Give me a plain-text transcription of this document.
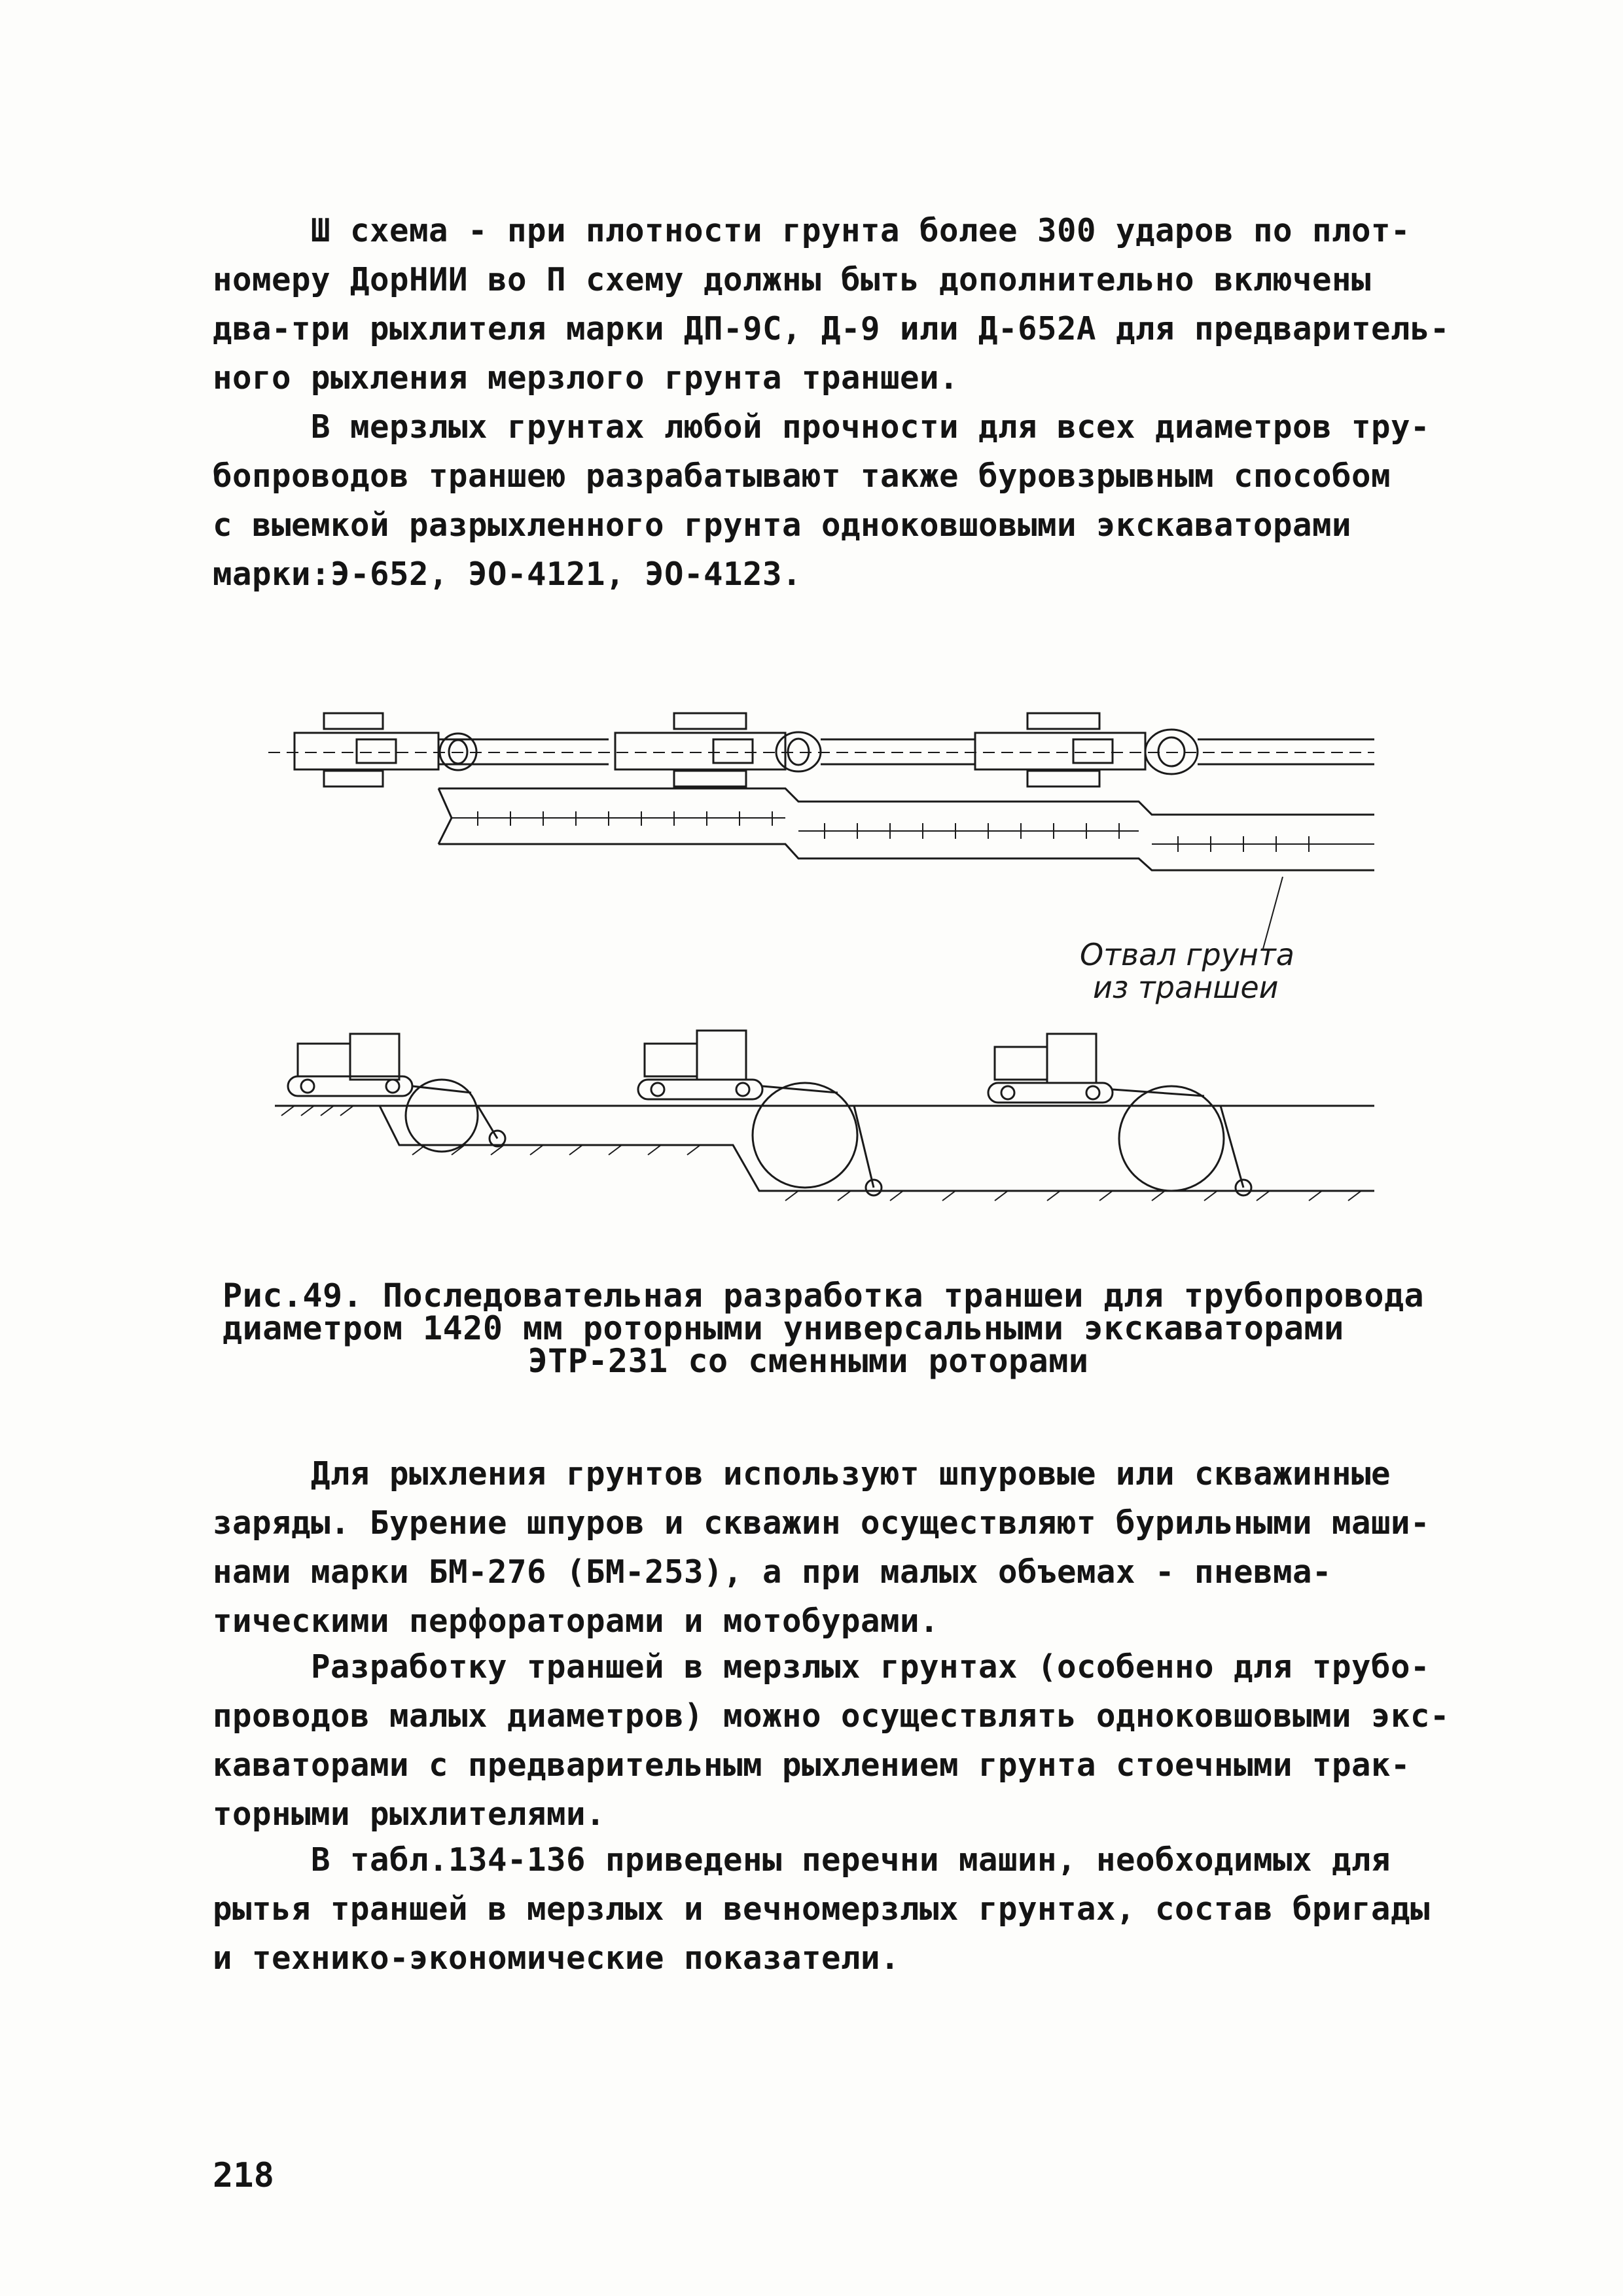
Ш схема - при плотности грунта более 300 ударов по плот-
номеру ДорНИИ во П схему должны быть дополнительно включены
два-три рыхлителя марки ДП-9С, Д-9 или Д-652А для предваритель-
ного рыхления мерзлого грунта траншеи.
В мерзлых грунтах любой прочности для всех диаметров тру-
бопроводов траншею разрабатывают также буровзрывным способом
с выемкой разрыхленного грунта одноковшовыми экскаваторами
марки:Э-652, ЭО-4121, ЭО-4123.
Отвал грунта
из траншеи
Рис.49. Последовательная разработка траншеи для трубопровода
диаметром 1420 мм роторными универсальными экскаваторами
ЭТР-231 со сменными роторами
Для рыхления грунтов используют шпуровые или скважинные
заряды. Бурение шпуров и скважин осуществляют бурильными маши-
нами марки БМ-276 (БМ-253), а при малых объемах - пневма-
тическими перфораторами и мотобурами.
Разработку траншей в мерзлых грунтах (особенно для трубо-
проводов малых диаметров) можно осуществлять одноковшовыми экс-
каваторами с предварительным рыхлением грунта стоечными трак-
торными рыхлителями.
В табл.134-136 приведены перечни машин, необходимых для
рытья траншей в мерзлых и вечномерзлых грунтах, состав бригады
и технико-экономические показатели.
218
